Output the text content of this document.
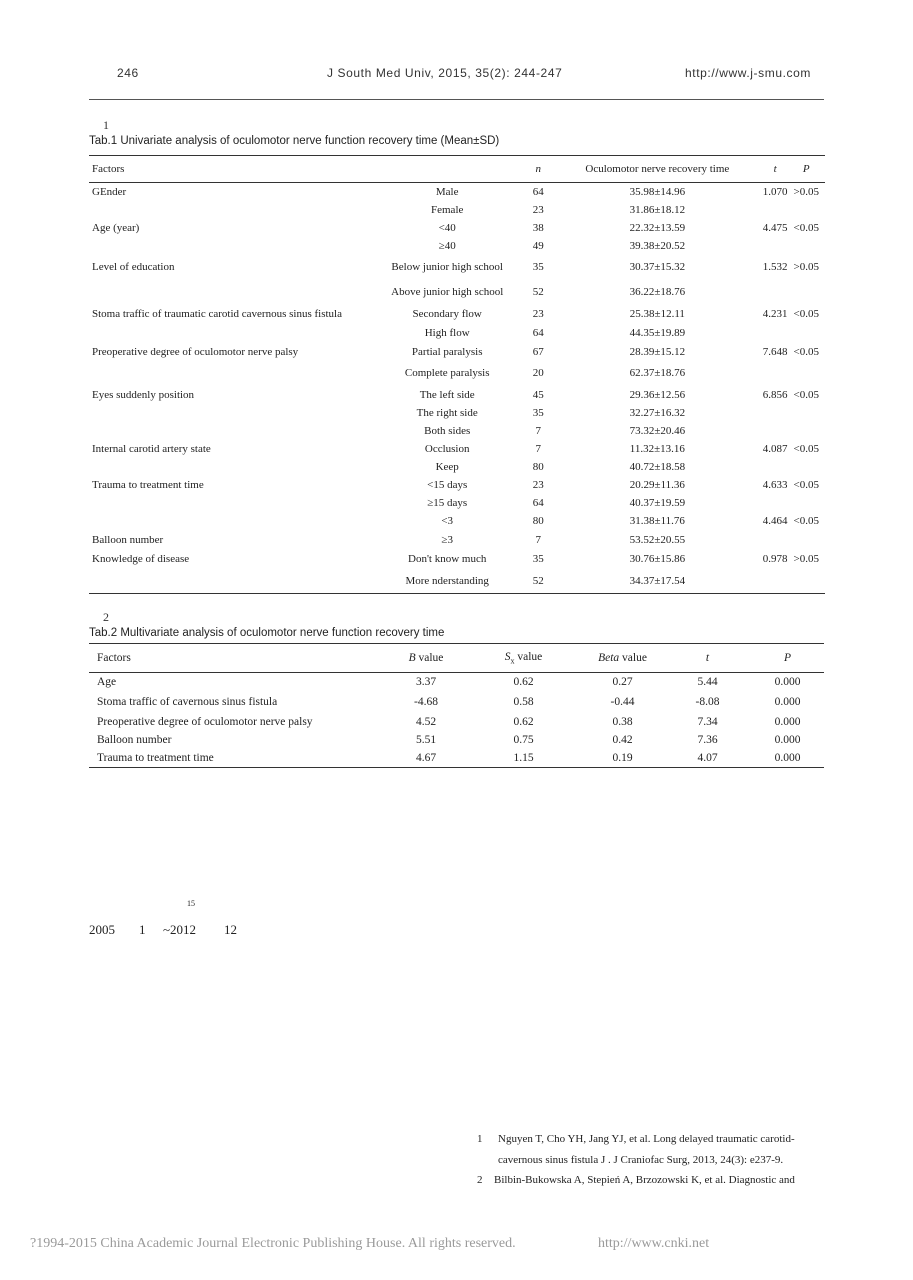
246	J South Med Univ, 2015, 35(2): 244-247	http://www.j-smu.com
1
Tab.1 Univariate analysis of oculomotor nerve function recovery time (Mean±SD)
Factors		n	Oculomotor nerve recovery time	t	P
GEnder	Male	64	35.98±14.96	1.070	>0.05
	Female	23	31.86±18.12		
Age (year)	<40	38	22.32±13.59	4.475	<0.05
	≥40	49	39.38±20.52		
Level of education	Below junior high school	35	30.37±15.32	1.532	>0.05
	Above junior high school	52	36.22±18.76		
Stoma traffic of traumatic carotid cavernous sinus fistula	Secondary flow	23	25.38±12.11	4.231	<0.05
	High flow	64	44.35±19.89		
Preoperative degree of oculomotor nerve palsy	Partial paralysis	67	28.39±15.12	7.648	<0.05
	Complete paralysis	20	62.37±18.76		
Eyes suddenly position	The left side	45	29.36±12.56	6.856	<0.05
	The right side	35	32.27±16.32		
	Both sides	7	73.32±20.46		
Internal carotid artery state	Occlusion	7	11.32±13.16	4.087	<0.05
	Keep	80	40.72±18.58		
Trauma to treatment time	<15 days	23	20.29±11.36	4.633	<0.05
	≥15 days	64	40.37±19.59		
	<3	80	31.38±11.76	4.464	<0.05
Balloon number	≥3	7	53.52±20.55		
Knowledge of disease	Don't know much	35	30.76±15.86	0.978	>0.05
	More nderstanding	52	34.37±17.54		
2
Tab.2 Multivariate analysis of oculomotor nerve function recovery time
Factors	B value	$S_x$ value	Beta value	t	P
Age	3.37	0.62	0.27	5.44	0.000
Stoma traffic of cavernous sinus fistula	-4.68	0.58	-0.44	-8.08	0.000
Preoperative degree of oculomotor nerve palsy	4.52	0.62	0.38	7.34	0.000
Balloon number	5.51	0.75	0.42	7.36	0.000
Trauma to treatment time	4.67	1.15	0.19	4.07	0.000
15
2005 1 ~2012 12
1 Nguyen T, Cho YH, Jang YJ, et al. Long delayed traumatic carotid-
cavernous sinus fistula J . J Craniofac Surg, 2013, 24(3): e237-9.
2 Bilbin-Bukowska A, Stepień A, Brzozowski K, et al. Diagnostic and
?1994-2015 China Academic Journal Electronic Publishing House. All rights reserved.	http://www.cnki.net
